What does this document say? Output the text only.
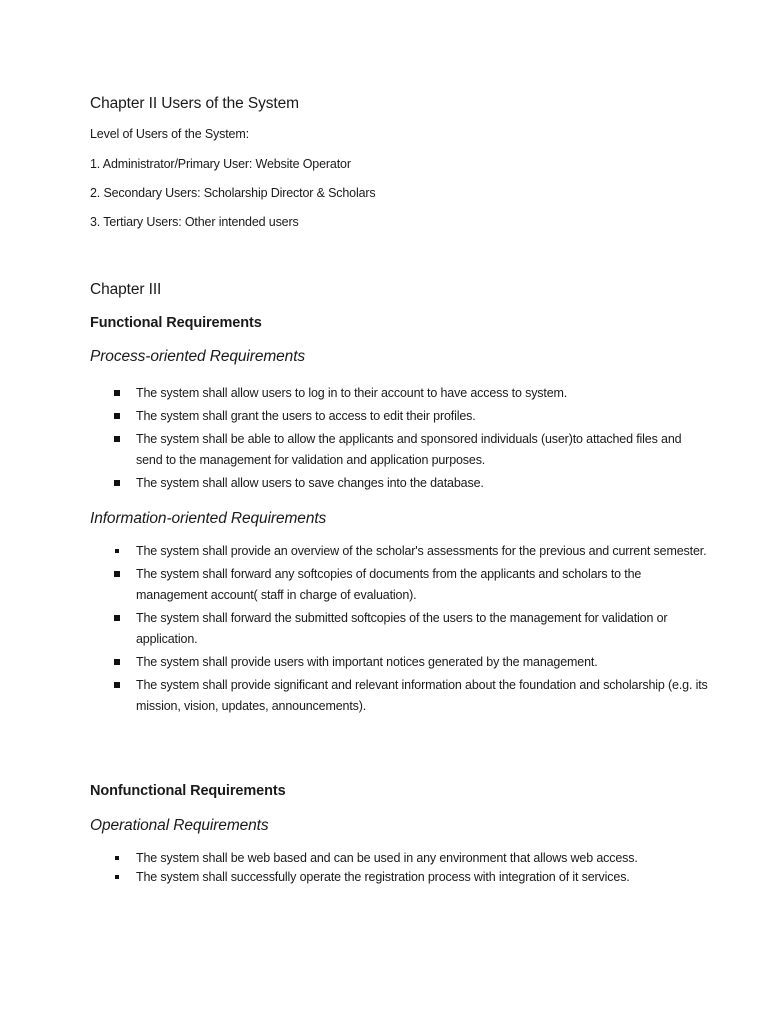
Chapter II Users of the System
Level of Users of the System:
1. Administrator/Primary User: Website Operator
2. Secondary Users: Scholarship Director & Scholars
3. Tertiary Users: Other intended users
Chapter III
Functional Requirements
Process-oriented Requirements
The system shall allow users to log in to their account to have access to system.
The system shall grant the users to access to edit their profiles.
The system shall be able to allow the applicants and sponsored individuals (user)to attached files and send to the management for validation and application purposes.
The system shall allow users to save changes into the database.
Information-oriented Requirements
The system shall provide an overview of the scholar's assessments for the previous and current semester.
The system shall forward any softcopies of documents from the applicants and scholars to the management account( staff in charge of evaluation).
The system shall forward the submitted softcopies of the users to the management for validation or application.
The system shall provide users with important notices generated by the management.
The system shall provide significant and relevant information about the foundation and scholarship (e.g. its mission, vision, updates, announcements).
Nonfunctional Requirements
Operational Requirements
The system shall be web based and can be used in any environment that allows web access.
The system shall successfully operate the registration process with integration of it services.
